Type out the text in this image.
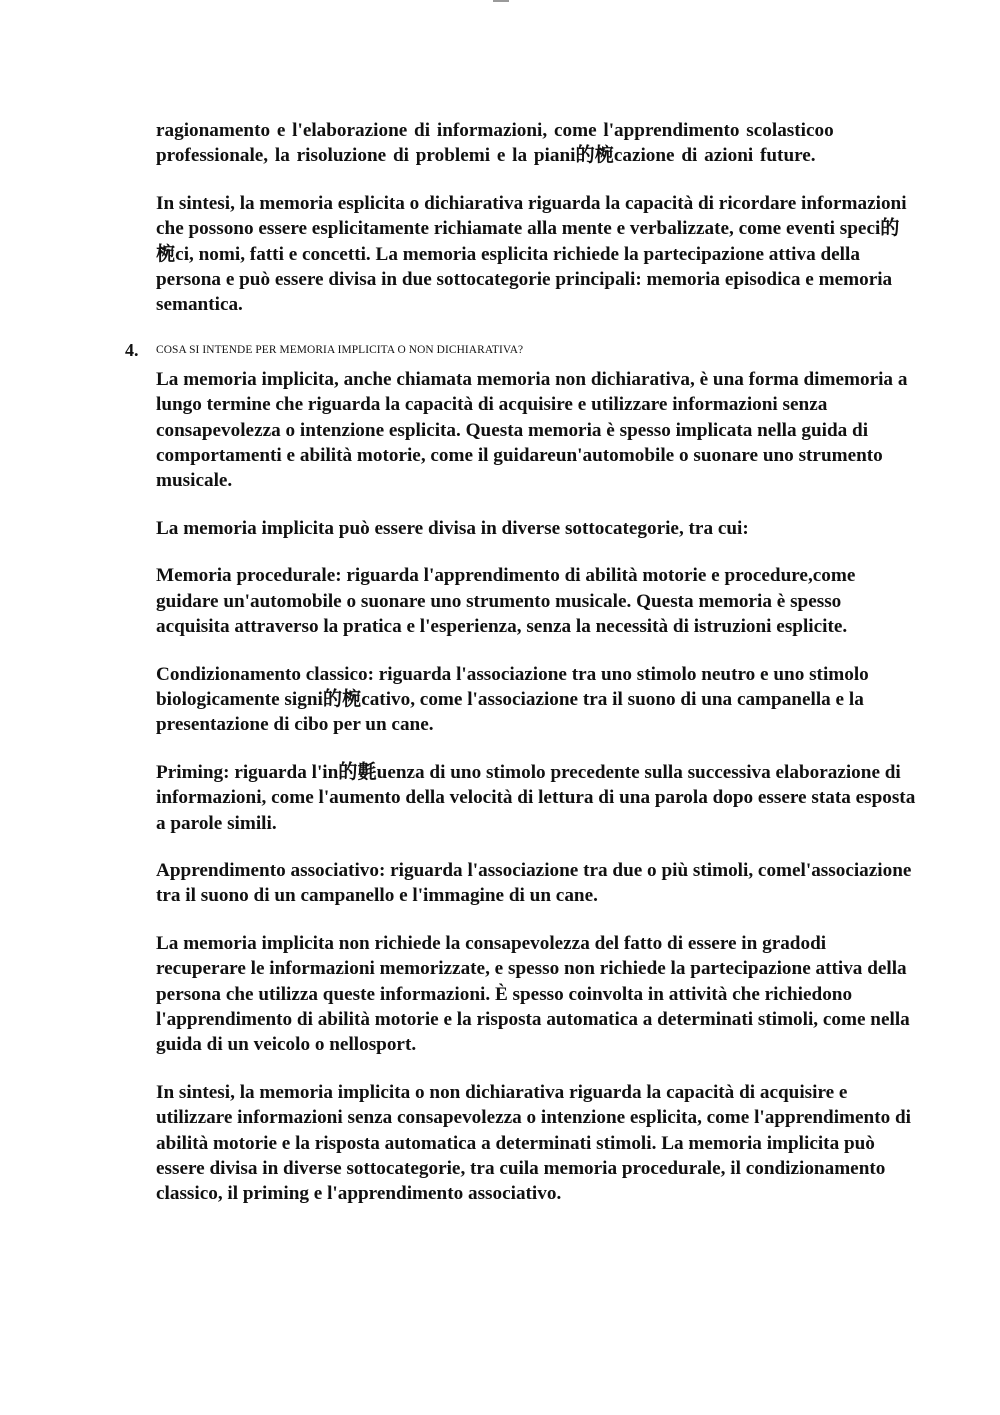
ragionamento e l'elaborazione di informazioni, come l'apprendimento scolasticoo professionale, la risoluzione di problemi e la piani的椀cazione di azioni future.

In sintesi, la memoria esplicita o dichiarativa riguarda la capacità di ricordare informazioni che possono essere esplicitamente richiamate alla mente e verbalizzate, come eventi speci的椀ci, nomi, fatti e concetti. La memoria esplicita richiede la partecipazione attiva della persona e può essere divisa in due sottocategorie principali: memoria episodica e memoria semantica.

4. COSA SI INTENDE PER MEMORIA IMPLICITA O NON DICHIARATIVA?

La memoria implicita, anche chiamata memoria non dichiarativa, è una forma dimemoria a lungo termine che riguarda la capacità di acquisire e utilizzare informazioni senza consapevolezza o intenzione esplicita. Questa memoria è spesso implicata nella guida di comportamenti e abilità motorie, come il guidareun'automobile o suonare uno strumento musicale.

La memoria implicita può essere divisa in diverse sottocategorie, tra cui:

Memoria procedurale: riguarda l'apprendimento di abilità motorie e procedure,come guidare un'automobile o suonare uno strumento musicale. Questa memoria è spesso acquisita attraverso la pratica e l'esperienza, senza la necessità di istruzioni esplicite.

Condizionamento classico: riguarda l'associazione tra uno stimolo neutro e uno stimolo biologicamente signi的椀cativo, come l'associazione tra il suono di una campanella e la presentazione di cibo per un cane.

Priming: riguarda l'in的氀uenza di uno stimolo precedente sulla successiva elaborazione di informazioni, come l'aumento della velocità di lettura di una parola dopo essere stata esposta a parole simili.

Apprendimento associativo: riguarda l'associazione tra due o più stimoli, comel'associazione tra il suono di un campanello e l'immagine di un cane.

La memoria implicita non richiede la consapevolezza del fatto di essere in gradodi recuperare le informazioni memorizzate, e spesso non richiede la partecipazione attiva della persona che utilizza queste informazioni. È spesso coinvolta in attività che richiedono l'apprendimento di abilità motorie e la risposta automatica a determinati stimoli, come nella guida di un veicolo o nellosport.

In sintesi, la memoria implicita o non dichiarativa riguarda la capacità di acquisire e utilizzare informazioni senza consapevolezza o intenzione esplicita, come l'apprendimento di abilità motorie e la risposta automatica a determinati stimoli. La memoria implicita può essere divisa in diverse sottocategorie, tra cuila memoria procedurale, il condizionamento classico, il priming e l'apprendimento associativo.
